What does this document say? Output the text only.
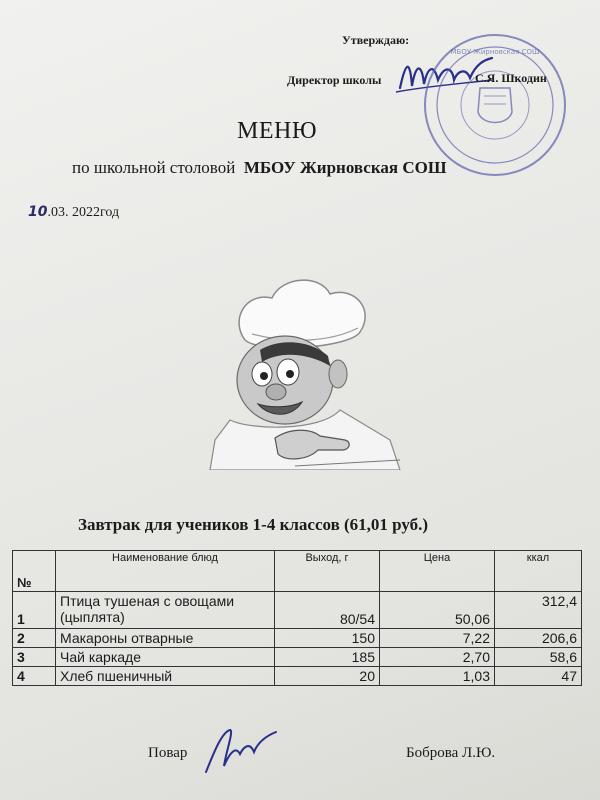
Утверждаю:
Директор школы
МБОУ Жирновская СОШ
С.Я. Шкодин
МЕНЮ
по школьной столовой МБОУ Жирновская СОШ
10.03. 2022год
Завтрак для учеников 1-4 классов (61,01 руб.)
№	Наименование блюд	Выход, г	Цена	ккал
1	Птица тушеная с овощами (цыплята)	80/54	50,06	312,4
2	Макароны отварные	150	7,22	206,6
3	Чай каркаде	185	2,70	58,6
4	Хлеб пшеничный	20	1,03	47
Повар	Боброва Л.Ю.
